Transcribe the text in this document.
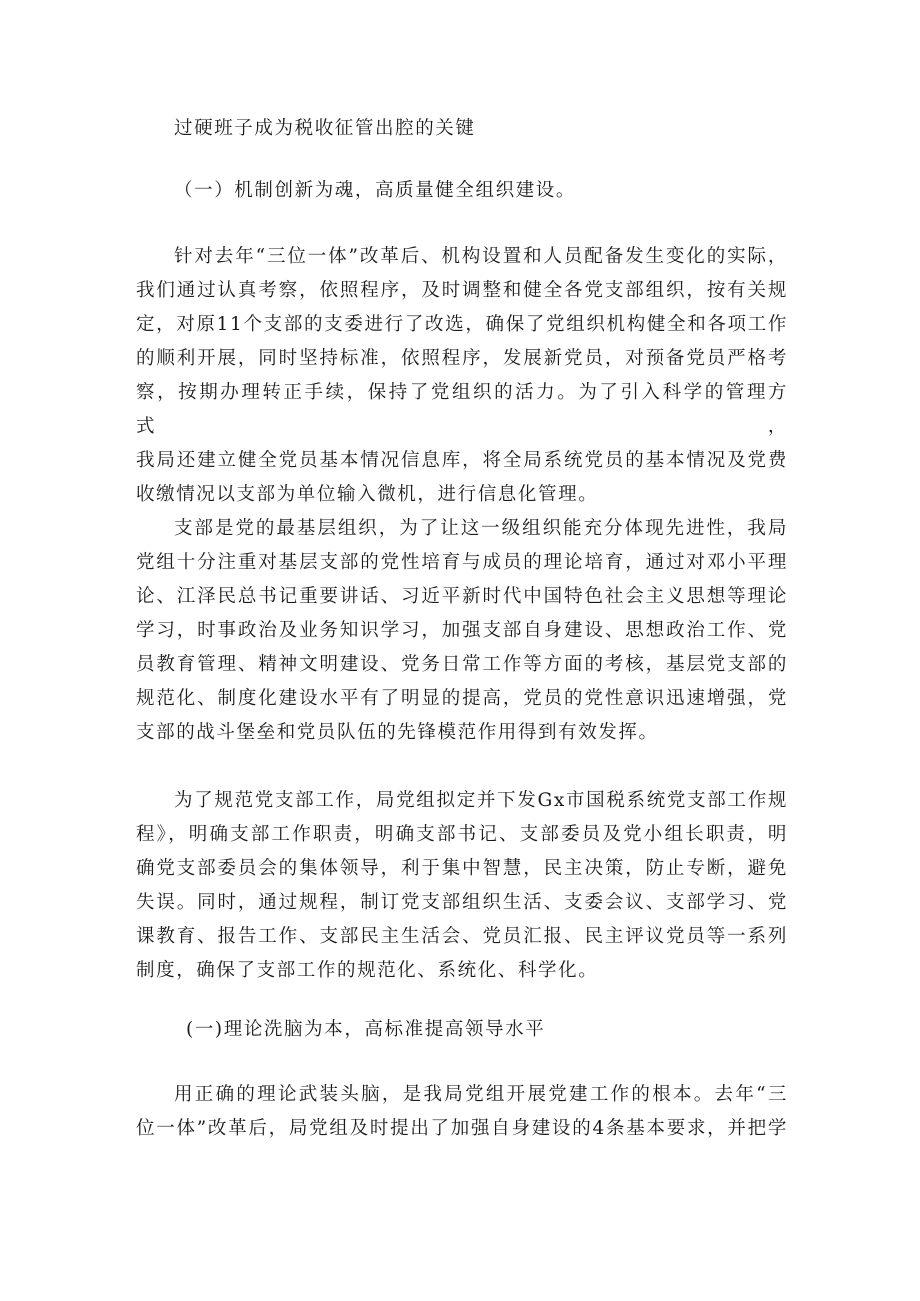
过硬班子成为税收征管出腔的关键

（一）机制创新为魂，高质量健全组织建设。

针对去年“三位一体”改革后、机构设置和人员配备发生变化的实际，

我们通过认真考察，依照程序，及时调整和健全各党支部组织，按有关规

定，对原11个支部的支委进行了改选，确保了党组织机构健全和各项工作

的顺利开展，同时坚持标准，依照程序，发展新党员，对预备党员严格考

察，按期办理转正手续，保持了党组织的活力。为了引入科学的管理方式，

我局还建立健全党员基本情况信息库，将全局系统党员的基本情况及党费

收缴情况以支部为单位输入微机，进行信息化管理。

支部是党的最基层组织，为了让这一级组织能充分体现先进性，我局

党组十分注重对基层支部的党性培育与成员的理论培育，通过对邓小平理

论、江泽民总书记重要讲话、习近平新时代中国特色社会主义思想等理论

学习，时事政治及业务知识学习，加强支部自身建设、思想政治工作、党

员教育管理、精神文明建设、党务日常工作等方面的考核，基层党支部的

规范化、制度化建设水平有了明显的提高，党员的党性意识迅速增强，党

支部的战斗堡垒和党员队伍的先锋模范作用得到有效发挥。

为了规范党支部工作，局党组拟定并下发Gx市国税系统党支部工作规

程》，明确支部工作职责，明确支部书记、支部委员及党小组长职责，明

确党支部委员会的集体领导，利于集中智慧，民主决策，防止专断，避免

失误。同时，通过规程，制订党支部组织生活、支委会议、支部学习、党

课教育、报告工作、支部民主生活会、党员汇报、民主评议党员等一系列

制度，确保了支部工作的规范化、系统化、科学化。

(一)理论洗脑为本，高标准提高领导水平

用正确的理论武装头脑，是我局党组开展党建工作的根本。去年“三

位一体”改革后，局党组及时提出了加强自身建设的4条基本要求，并把学
